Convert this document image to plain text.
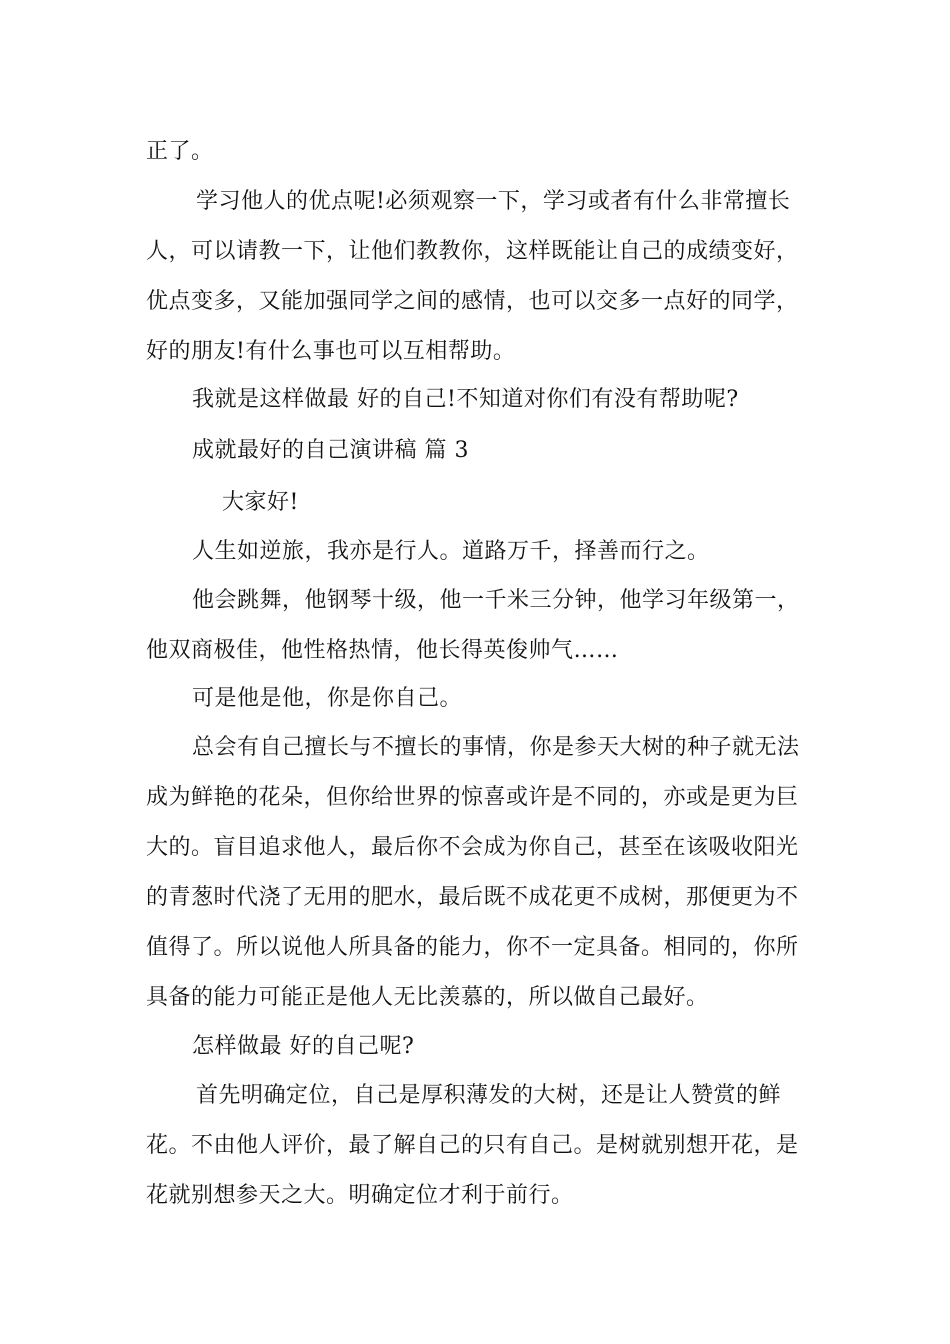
正了。
学习他人的优点呢!必须观察一下，学习或者有什么非常擅长
人，可以请教一下，让他们教教你，这样既能让自己的成绩变好，
优点变多，又能加强同学之间的感情，也可以交多一点好的同学，
好的朋友!有什么事也可以互相帮助。
我就是这样做最 好的自己!不知道对你们有没有帮助呢?
成就最好的自己演讲稿 篇 3
大家好!
人生如逆旅，我亦是行人。道路万千，择善而行之。
他会跳舞，他钢琴十级，他一千米三分钟，他学习年级第一，
他双商极佳，他性格热情，他长得英俊帅气……
可是他是他，你是你自己。
总会有自己擅长与不擅长的事情，你是参天大树的种子就无法
成为鲜艳的花朵，但你给世界的惊喜或许是不同的，亦或是更为巨
大的。盲目追求他人，最后你不会成为你自己，甚至在该吸收阳光
的青葱时代浇了无用的肥水，最后既不成花更不成树，那便更为不
值得了。所以说他人所具备的能力，你不一定具备。相同的，你所
具备的能力可能正是他人无比羡慕的，所以做自己最好。
怎样做最 好的自己呢?
首先明确定位，自己是厚积薄发的大树，还是让人赞赏的鲜
花。不由他人评价，最了解自己的只有自己。是树就别想开花，是
花就别想参天之大。明确定位才利于前行。
